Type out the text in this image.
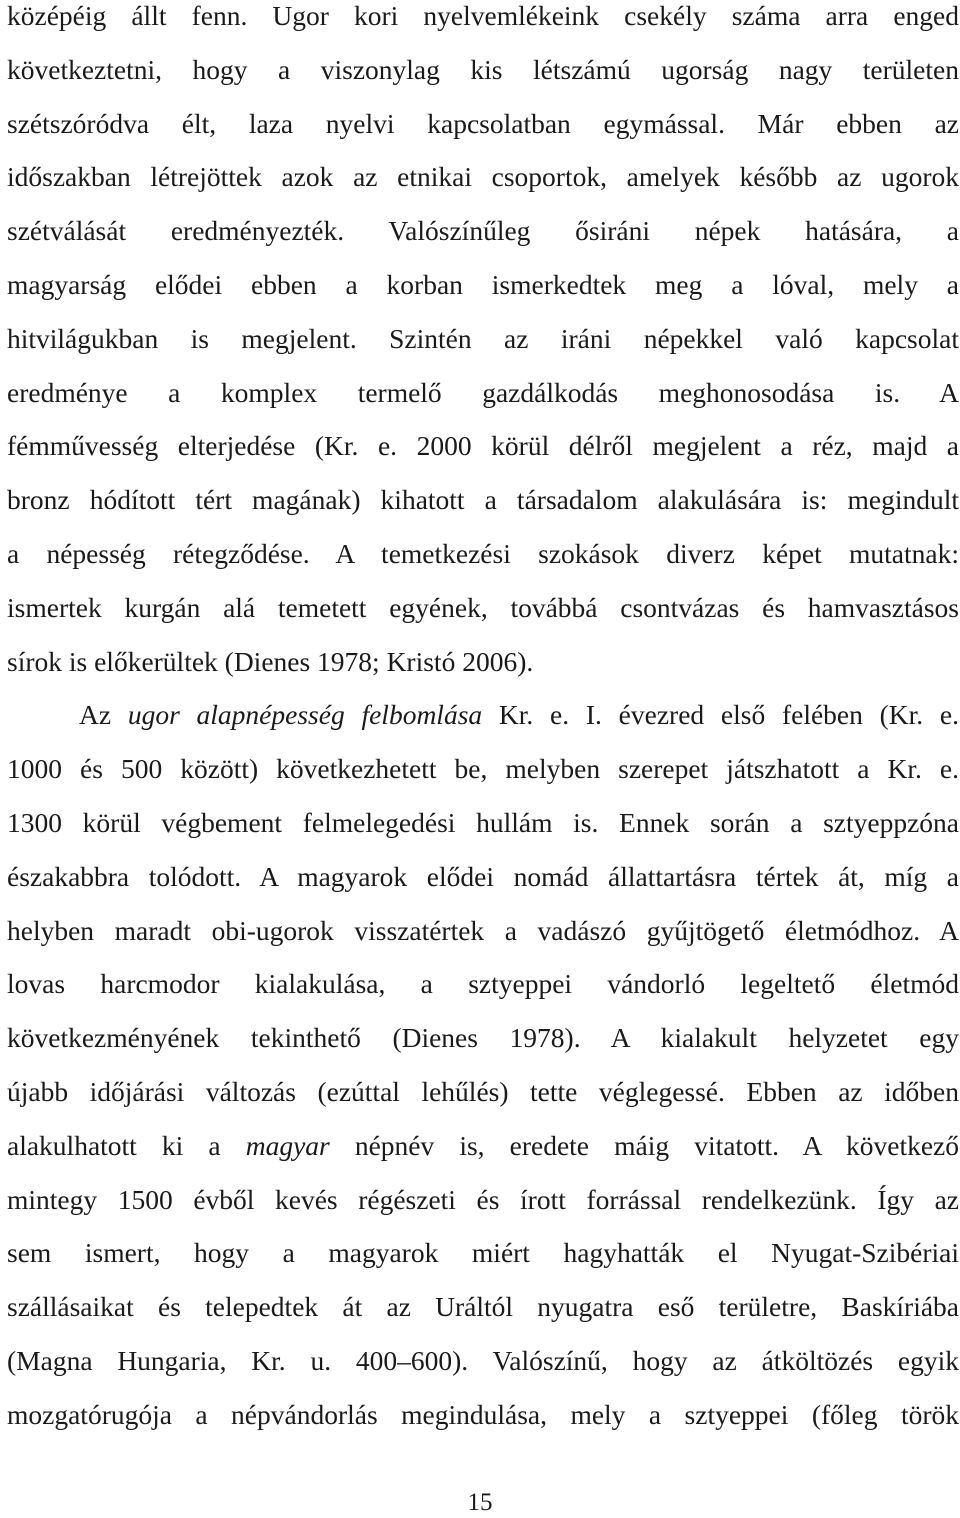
középéig állt fenn. Ugor kori nyelvemlékeink csekély száma arra enged
következtetni, hogy a viszonylag kis létszámú ugorság nagy területen
szétszóródva élt, laza nyelvi kapcsolatban egymással. Már ebben az
időszakban létrejöttek azok az etnikai csoportok, amelyek később az ugorok
szétválását eredményezték. Valószínűleg ősiráni népek hatására, a
magyarság elődei ebben a korban ismerkedtek meg a lóval, mely a
hitvilágukban is megjelent. Szintén az iráni népekkel való kapcsolat
eredménye a komplex termelő gazdálkodás meghonosodása is. A
fémművesség elterjedése (Kr. e. 2000 körül délről megjelent a réz, majd a
bronz hódított tért magának) kihatott a társadalom alakulására is: megindult
a népesség rétegződése. A temetkezési szokások diverz képet mutatnak:
ismertek kurgán alá temetett egyének, továbbá csontvázas és hamvasztásos
sírok is előkerültek (Dienes 1978; Kristó 2006).
Az ugor alapnépesség felbomlása Kr. e. I. évezred első felében (Kr. e.
1000 és 500 között) következhetett be, melyben szerepet játszhatott a Kr. e.
1300 körül végbement felmelegedési hullám is. Ennek során a sztyeppzóna
északabbra tolódott. A magyarok elődei nomád állattartásra tértek át, míg a
helyben maradt obi-ugorok visszatértek a vadászó gyűjtögető életmódhoz. A
lovas harcmodor kialakulása, a sztyeppei vándorló legeltető életmód
következményének tekinthető (Dienes 1978). A kialakult helyzetet egy
újabb időjárási változás (ezúttal lehűlés) tette véglegessé. Ebben az időben
alakulhatott ki a magyar népnév is, eredete máig vitatott. A következő
mintegy 1500 évből kevés régészeti és írott forrással rendelkezünk. Így az
sem ismert, hogy a magyarok miért hagyhatták el Nyugat-Szibériai
szállásaikat és telepedtek át az Uráltól nyugatra eső területre, Baskíriába
(Magna Hungaria, Kr. u. 400–600). Valószínű, hogy az átköltözés egyik
mozgatórugója a népvándorlás megindulása, mely a sztyeppei (főleg török
15
